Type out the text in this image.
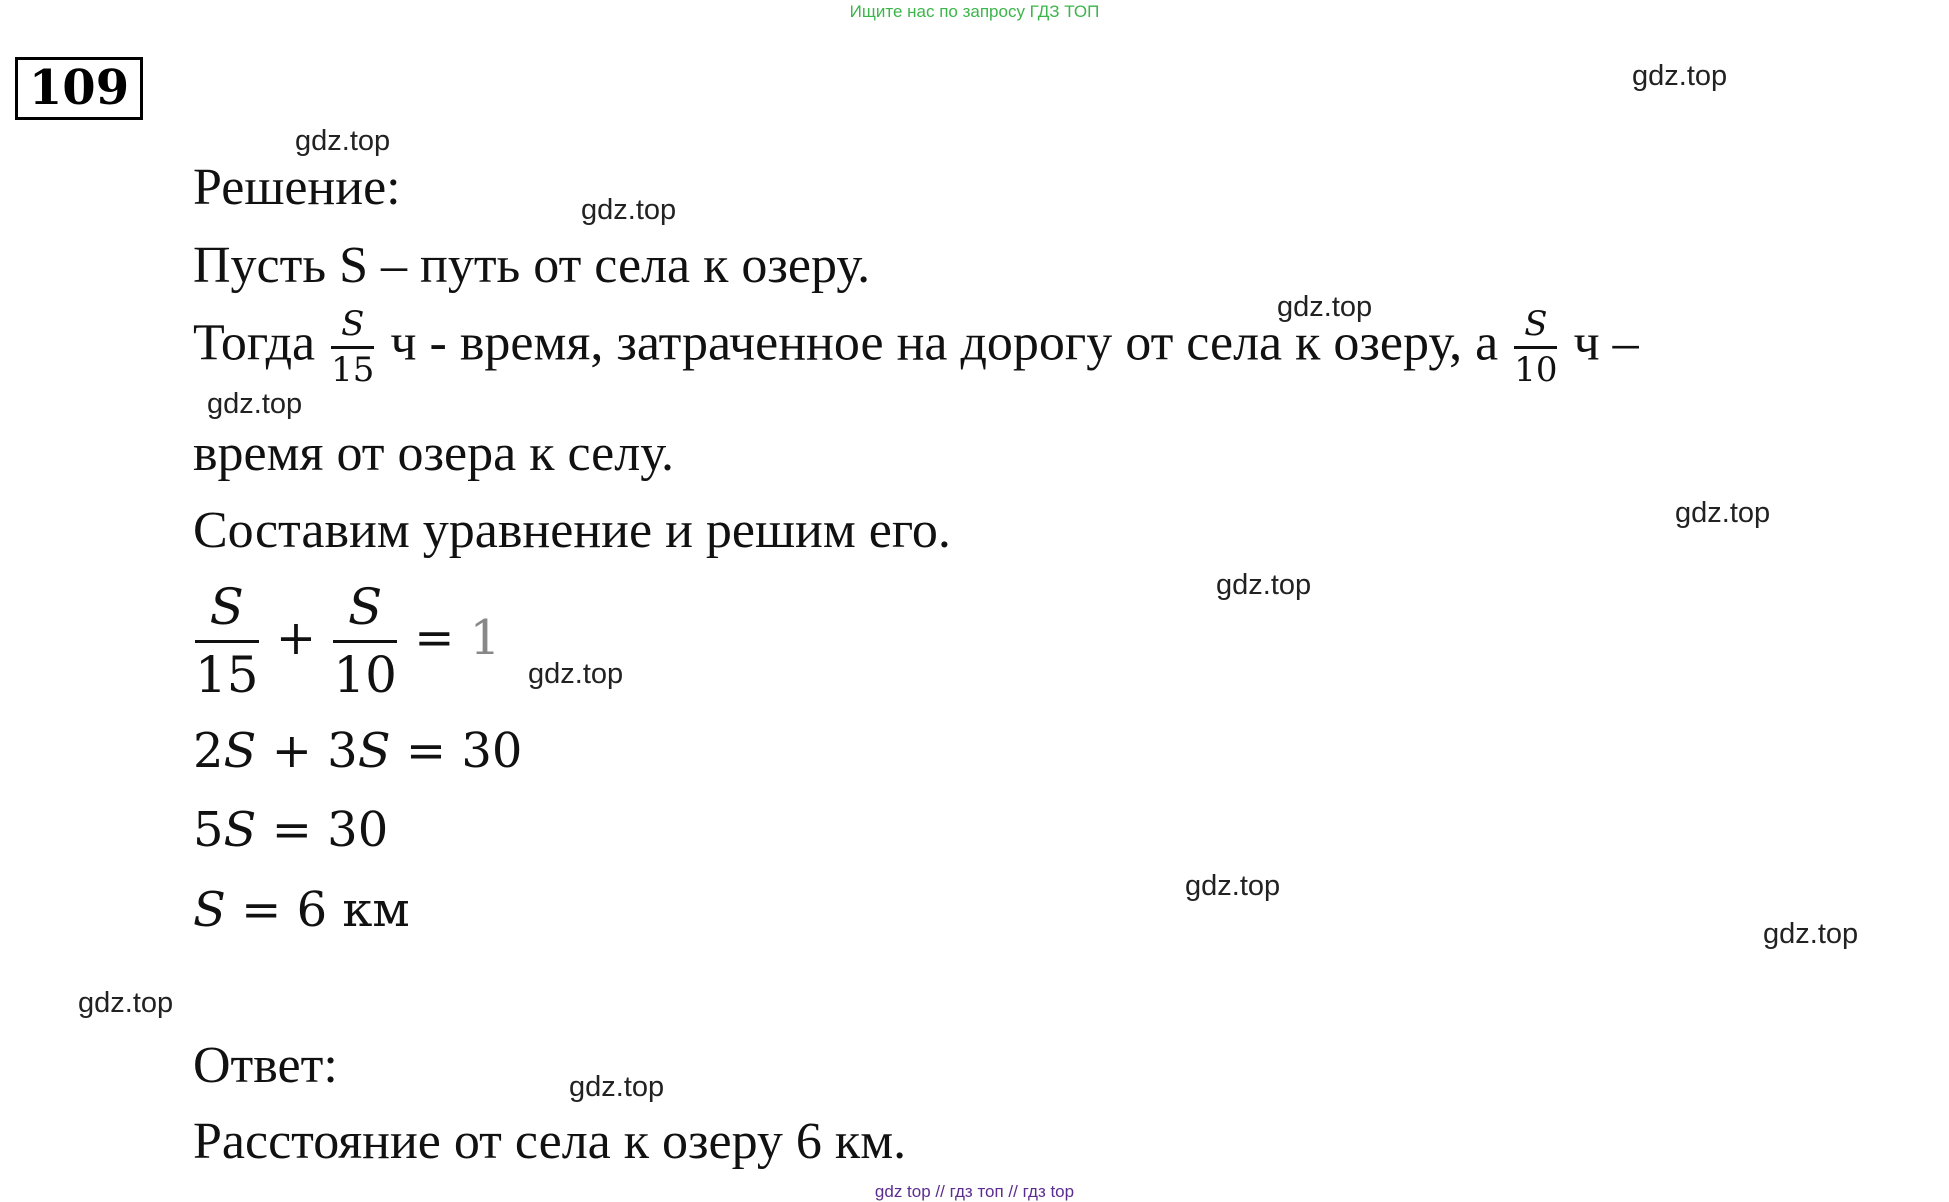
Ищите нас по запросу ГДЗ ТОП
109
Решение:
Пусть S – путь от села к озеру.
Тогда $\frac{S}{15}$ ч - время, затраченное на дорогу от села к озеру, а $\frac{S}{10}$ ч –
время от озера к селу.
Составим уравнение и решим его.
$\frac{S}{15} + \frac{S}{10} = 1$
2S + 3S = 30
5S = 30
S = 6 км
Ответ:
Расстояние от села к озеру 6 км.
gdz.top
gdz.top
gdz.top
gdz.top
gdz.top
gdz.top
gdz.top
gdz.top
gdz.top
gdz.top
gdz.top
gdz.top
gdz top // гдз топ // гдз top
